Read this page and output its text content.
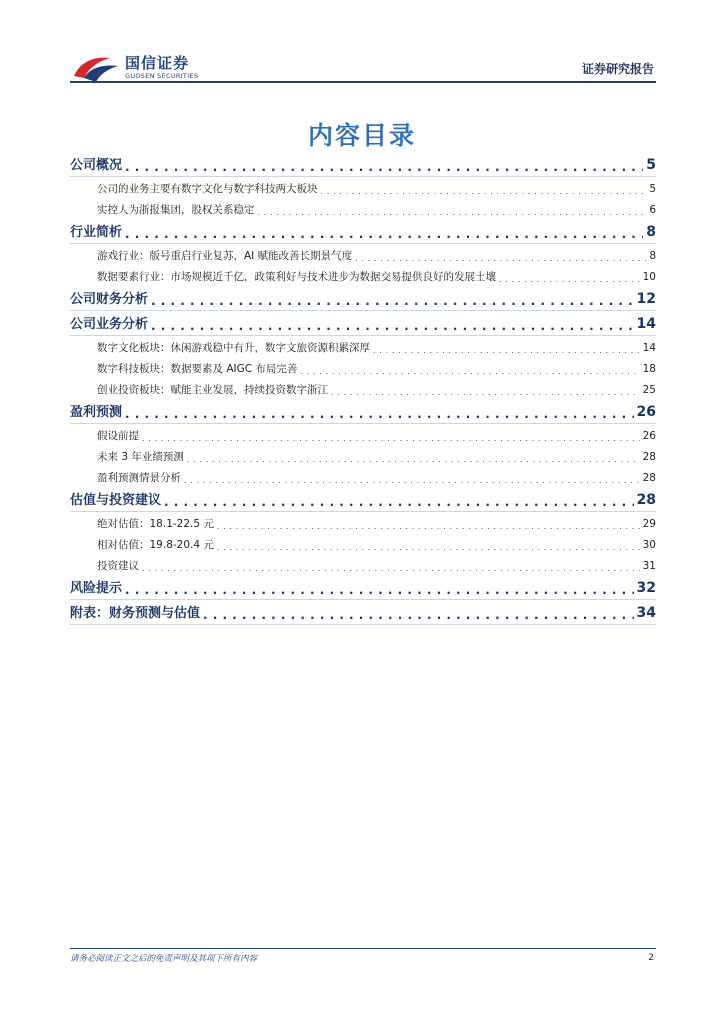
国信证券
GUOSEN SECURITIES	证券研究报告
内容目录
公司概况 . . .	5
公司的业务主要有数字文化与数字科技两大板块 . . .	5
实控人为浙报集团，股权关系稳定 . . .	6
行业简析 . . .	8
游戏行业：版号重启行业复苏，AI 赋能改善长期景气度 . . .	8
数据要素行业：市场规模近千亿，政策利好与技术进步为数据交易提供良好的发展土壤 . . .	10
公司财务分析 . . .	12
公司业务分析 . . .	14
数字文化板块：休闲游戏稳中有升，数字文旅资源积累深厚 . . .	14
数字科技板块：数据要素及 AIGC 布局完善 . . .	18
创业投资板块：赋能主业发展，持续投资数字浙江 . . .	25
盈利预测 . . .	26
假设前提 . . .	26
未来 3 年业绩预测 . . .	28
盈利预测情景分析 . . .	28
估值与投资建议 . . .	28
绝对估值：18.1-22.5 元 . . .	29
相对估值：19.8-20.4 元 . . .	30
投资建议 . . .	31
风险提示 . . .	32
附表：财务预测与估值 . . .	34
请务必阅读正文之后的免责声明及其项下所有内容	2
